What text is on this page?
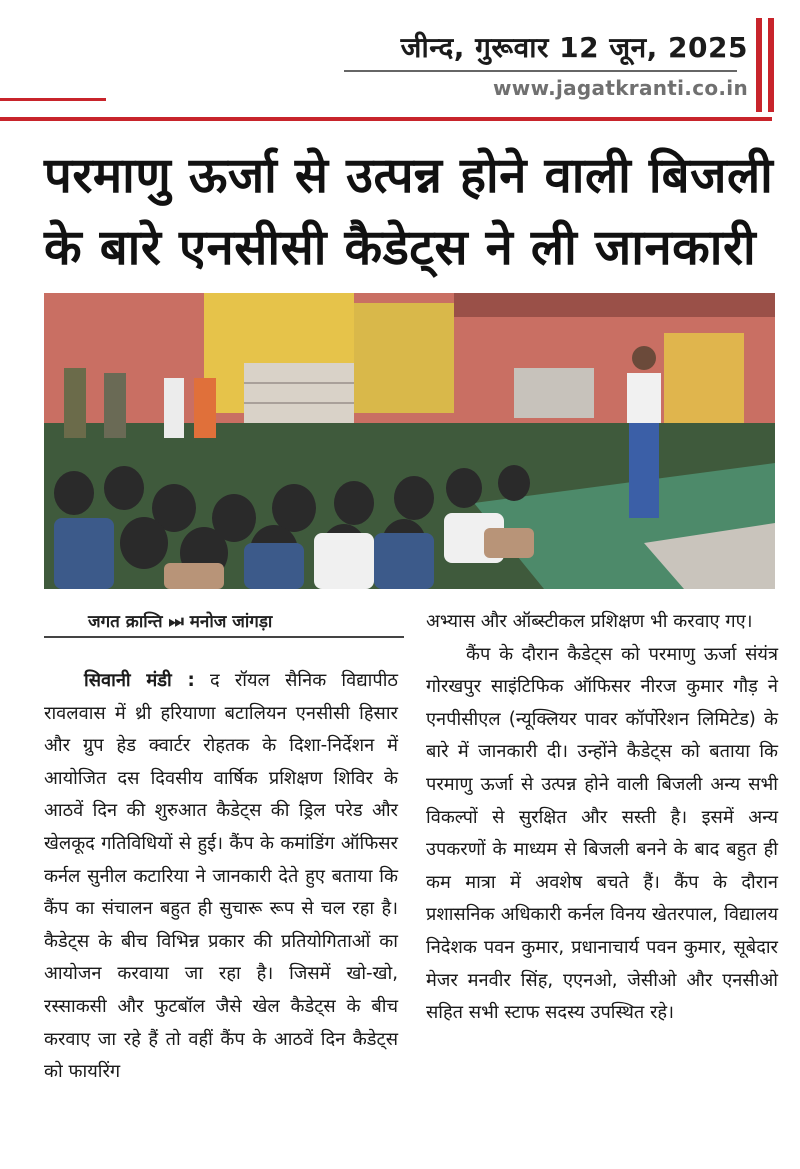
जीन्द, गुरूवार 12 जून, 2025
www.jagatkranti.co.in
परमाणु ऊर्जा से उत्पन्न होने वाली बिजली
के बारे एनसीसी कैडेट्स ने ली जानकारी
जगत क्रान्ति ⏭ मनोज जांगड़ा

सिवानी मंडी : द रॉयल सैनिक विद्यापीठ रावलवास में थ्री हरियाणा बटालियन एनसीसी हिसार और ग्रुप हेड क्वार्टर रोहतक के दिशा-निर्देशन में आयोजित दस दिवसीय वार्षिक प्रशिक्षण शिविर के आठवें दिन की शुरुआत कैडेट्स की ड्रिल परेड और खेलकूद गतिविधियों से हुई। कैंप के कमांडिंग ऑफिसर कर्नल सुनील कटारिया ने जानकारी देते हुए बताया कि कैंप का संचालन बहुत ही सुचारू रूप से चल रहा है। कैडेट्स के बीच विभिन्न प्रकार की प्रतियोगिताओं का आयोजन करवाया जा रहा है। जिसमें खो-खो, रस्साकसी और फुटबॉल जैसे खेल कैडेट्स के बीच करवाए जा रहे हैं तो वहीं कैंप के आठवें दिन कैडेट्स को फायरिंग

अभ्यास और ऑब्स्टीकल प्रशिक्षण भी करवाए गए।

कैंप के दौरान कैडेट्स को परमाणु ऊर्जा संयंत्र गोरखपुर साइंटिफिक ऑफिसर नीरज कुमार गौड़ ने एनपीसीएल (न्यूक्लियर पावर कॉर्पोरेशन लिमिटेड) के बारे में जानकारी दी। उन्होंने कैडेट्स को बताया कि परमाणु ऊर्जा से उत्पन्न होने वाली बिजली अन्य सभी विकल्पों से सुरक्षित और सस्ती है। इसमें अन्य उपकरणों के माध्यम से बिजली बनने के बाद बहुत ही कम मात्रा में अवशेष बचते हैं। कैंप के दौरान प्रशासनिक अधिकारी कर्नल विनय खेतरपाल, विद्यालय निदेशक पवन कुमार, प्रधानाचार्य पवन कुमार, सूबेदार मेजर मनवीर सिंह, एएनओ, जेसीओ और एनसीओ सहित सभी स्टाफ सदस्य उपस्थित रहे।
